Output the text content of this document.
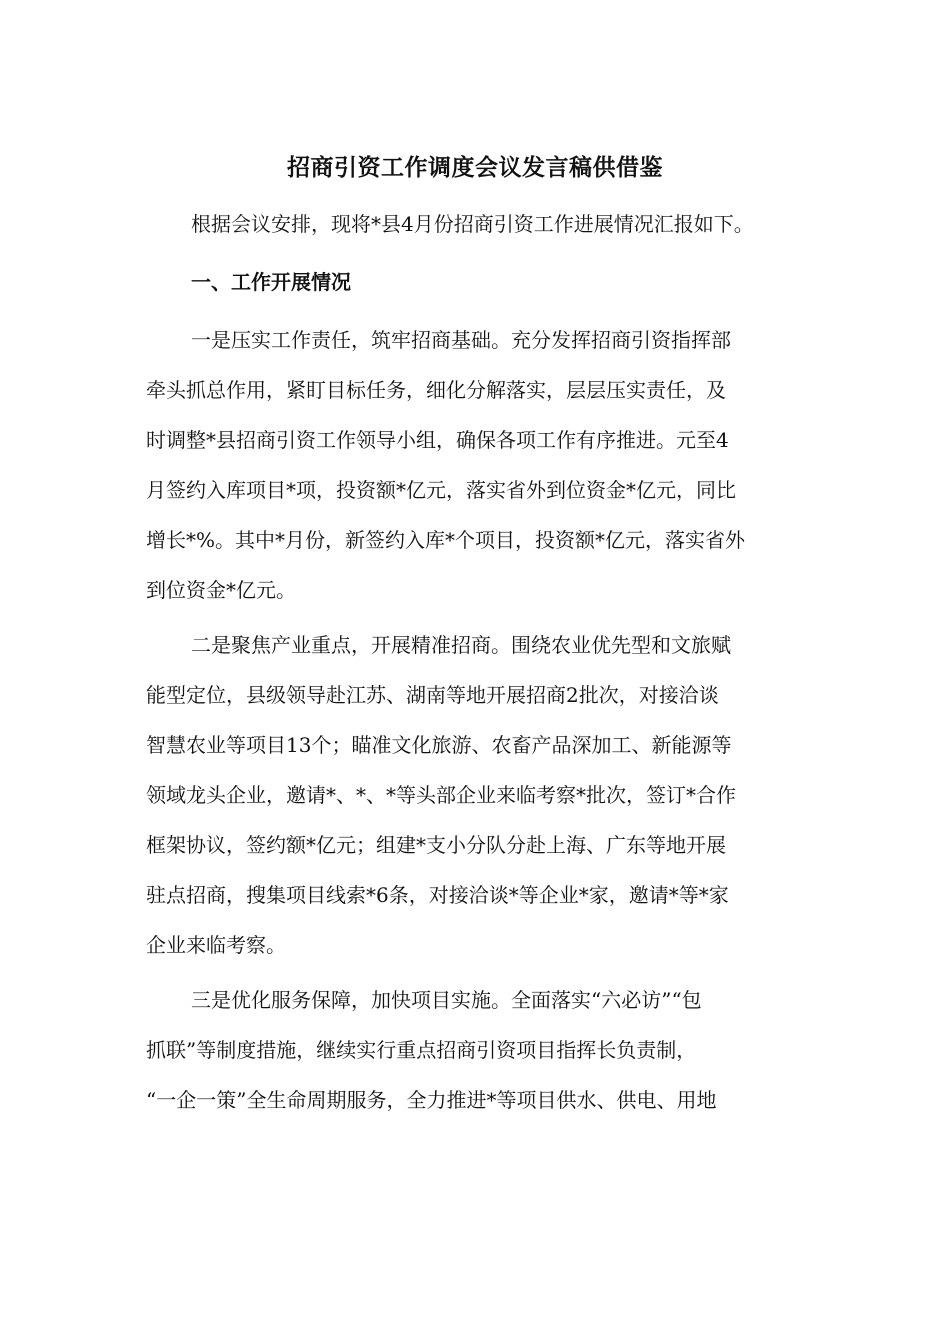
招商引资工作调度会议发言稿供借鉴
根据会议安排，现将*县4月份招商引资工作进展情况汇报如下。
一、工作开展情况
一是压实工作责任，筑牢招商基础。充分发挥招商引资指挥部
牵头抓总作用，紧盯目标任务，细化分解落实，层层压实责任，及
时调整*县招商引资工作领导小组，确保各项工作有序推进。元至4
月签约入库项目*项，投资额*亿元，落实省外到位资金*亿元，同比
增长*%。其中*月份，新签约入库*个项目，投资额*亿元，落实省外
到位资金*亿元。
二是聚焦产业重点，开展精准招商。围绕农业优先型和文旅赋
能型定位，县级领导赴江苏、湖南等地开展招商2批次，对接洽谈
智慧农业等项目13个；瞄准文化旅游、农畜产品深加工、新能源等
领域龙头企业，邀请*、*、*等头部企业来临考察*批次，签订*合作
框架协议，签约额*亿元；组建*支小分队分赴上海、广东等地开展
驻点招商，搜集项目线索*6条，对接洽谈*等企业*家，邀请*等*家
企业来临考察。
三是优化服务保障，加快项目实施。全面落实“六必访”“包
抓联”等制度措施，继续实行重点招商引资项目指挥长负责制，
“一企一策”全生命周期服务，全力推进*等项目供水、供电、用地
